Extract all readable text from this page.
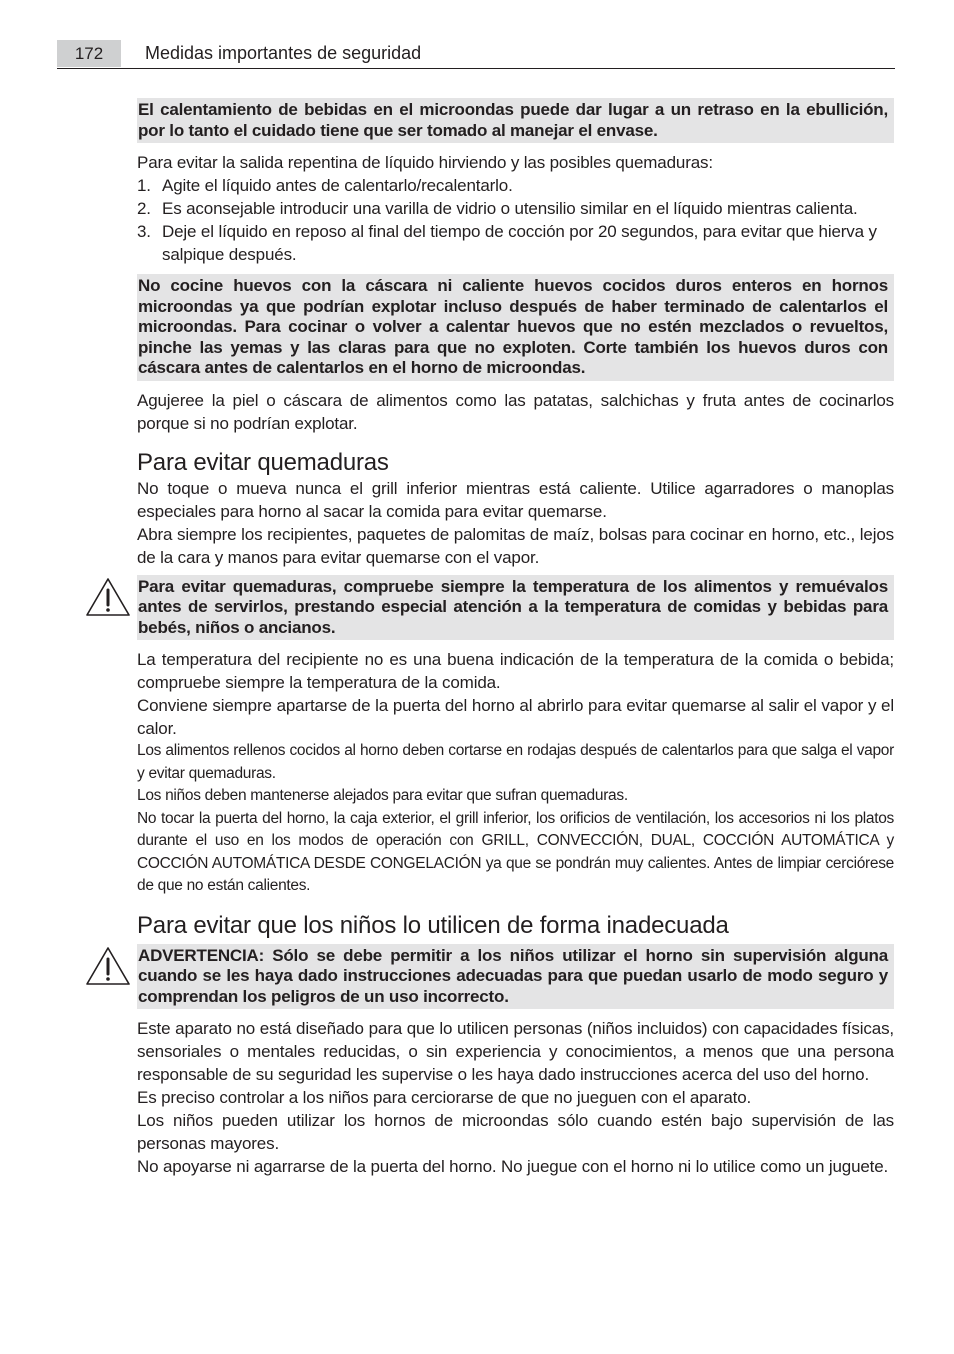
172	Medidas importantes de seguridad
El calentamiento de bebidas en el microondas puede dar lugar a un retraso en la ebullición, por lo tanto el cuidado tiene que ser tomado al manejar el envase.

Para evitar la salida repentina de líquido hirviendo y las posibles quemaduras:

1. Agite el líquido antes de calentarlo/recalentarlo.
2. Es aconsejable introducir una varilla de vidrio o utensilio similar en el líquido mientras calienta.
3. Deje el líquido en reposo al final del tiempo de cocción por 20 segundos, para evitar que hierva y salpique después.
No cocine huevos con la cáscara ni caliente huevos cocidos duros enteros en hornos microondas ya que podrían explotar incluso después de haber terminado de calentarlos el microondas. Para cocinar o volver a calentar huevos que no estén mezclados o revueltos, pinche las yemas y las claras para que no exploten. Corte también los huevos duros con cáscara antes de calentarlos en el horno de microondas.

Agujeree la piel o cáscara de alimentos como las patatas, salchichas y fruta antes de cocinarlos porque si no podrían explotar.

Para evitar quemaduras

No toque o mueva nunca el grill inferior mientras está caliente. Utilice agarradores o manoplas especiales para horno al sacar la comida para evitar quemarse.

Abra siempre los recipientes, paquetes de palomitas de maíz, bolsas para cocinar en horno, etc., lejos de la cara y manos para evitar quemarse con el vapor.

Para evitar quemaduras, compruebe siempre la temperatura de los alimentos y remuévalos antes de servirlos, prestando especial atención a la temperatura de comidas y bebidas para bebés, niños o ancianos.

La temperatura del recipiente no es una buena indicación de la temperatura de la comida o bebida; compruebe siempre la temperatura de la comida.

Conviene siempre apartarse de la puerta del horno al abrirlo para evitar quemarse al salir el vapor y el calor.

Los alimentos rellenos cocidos al horno deben cortarse en rodajas después de calentarlos para que salga el vapor y evitar quemaduras.

Los niños deben mantenerse alejados para evitar que sufran quemaduras.

No tocar la puerta del horno, la caja exterior, el grill inferior, los orificios de ventilación, los accesorios ni los platos durante el uso en los modos de operación con GRILL, CONVECCIÓN, DUAL, COCCIÓN AUTOMÁTICA y COCCIÓN AUTOMÁTICA DESDE CONGELACIÓN ya que se pondrán muy calientes. Antes de limpiar cerciórese de que no están calientes.

Para evitar que los niños lo utilicen de forma inadecuada
ADVERTENCIA: Sólo se debe permitir a los niños utilizar el horno sin supervisión alguna cuando se les haya dado instrucciones adecuadas para que puedan usarlo de modo seguro y comprendan los peligros de un uso incorrecto.

Este aparato no está diseñado para que lo utilicen personas (niños incluidos) con capacidades físicas, sensoriales o mentales reducidas, o sin experiencia y conocimientos, a menos que una persona responsable de su seguridad les supervise o les haya dado instrucciones acerca del uso del horno.

Es preciso controlar a los niños para cerciorarse de que no jueguen con el aparato.

Los niños pueden utilizar los hornos de microondas sólo cuando estén bajo supervisión de las personas mayores.

No apoyarse ni agarrarse de la puerta del horno. No juegue con el horno ni lo utilice como un juguete.
